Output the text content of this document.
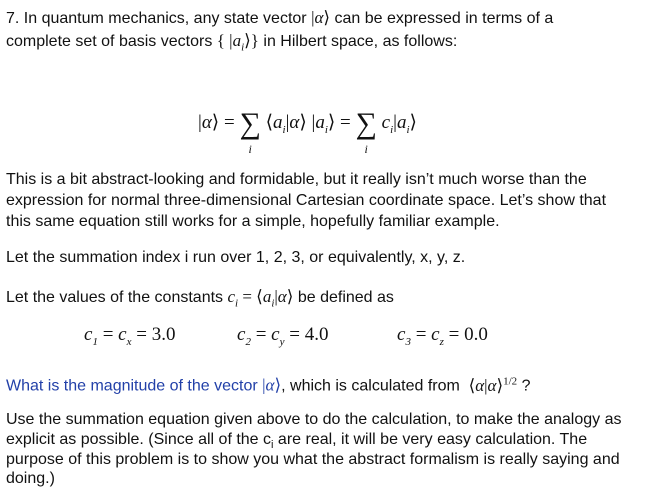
7. In quantum mechanics, any state vector |α⟩ can be expressed in terms of a
complete set of basis vectors { $|a_i⟩$} in Hilbert space, as follows:
|α⟩ = ∑
i
$⟨a_i|\alpha⟩$ $|a_i⟩$ = ∑
i
$c_i|a_i⟩$
This is a bit abstract-looking and formidable, but it really isn’t much worse than the
expression for normal three-dimensional Cartesian coordinate space. Let’s show that
this same equation still works for a simple, hopefully familiar example.
Let the summation index i run over 1, 2, 3, or equivalently, x, y, z.
Let the values of the constants $c_i$ = $⟨a_i|\alpha⟩$ be defined as
$c_1 = c_x = 3.0$	$c_2 = c_y = 4.0$	$c_3 = c_z = 0.0$
What is the magnitude of the vector |α⟩, which is calculated from ⟨α|α⟩$^{1/2}$ ?
Use the summation equation given above to do the calculation, to make the analogy as
explicit as possible. (Since all of the $c_i$ are real, it will be very easy calculation. The
purpose of this problem is to show you what the abstract formalism is really saying and
doing.)
